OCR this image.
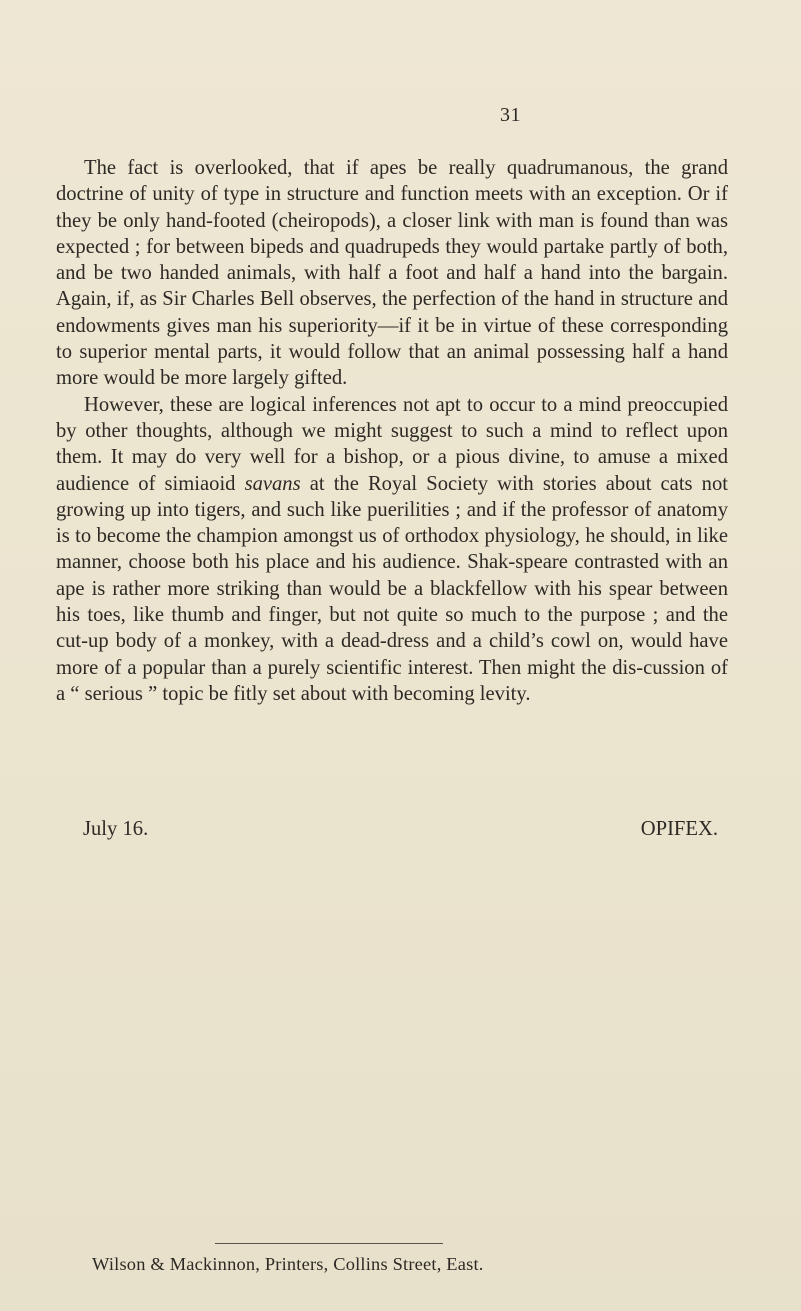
31

The fact is overlooked, that if apes be really quadrumanous, the grand doctrine of unity of type in structure and function meets with an exception. Or if they be only hand-footed (cheiropods), a closer link with man is found than was expected ; for between bipeds and quadrupeds they would partake partly of both, and be two handed animals, with half a foot and half a hand into the bargain. Again, if, as Sir Charles Bell observes, the perfection of the hand in structure and endowments gives man his superiority—if it be in virtue of these corresponding to superior mental parts, it would follow that an animal possessing half a hand more would be more largely gifted.

However, these are logical inferences not apt to occur to a mind preoccupied by other thoughts, although we might suggest to such a mind to reflect upon them. It may do very well for a bishop, or a pious divine, to amuse a mixed audience of simiaoid savans at the Royal Society with stories about cats not growing up into tigers, and such like puerilities ; and if the professor of anatomy is to become the champion amongst us of orthodox physiology, he should, in like manner, choose both his place and his audience. Shak-speare contrasted with an ape is rather more striking than would be a blackfellow with his spear between his toes, like thumb and finger, but not quite so much to the purpose ; and the cut-up body of a monkey, with a dead-dress and a child’s cowl on, would have more of a popular than a purely scientific interest. Then might the dis-cussion of a “ serious ” topic be fitly set about with becoming levity.

July 16.	OPIFEX.
Wilson & Mackinnon, Printers, Collins Street, East.
